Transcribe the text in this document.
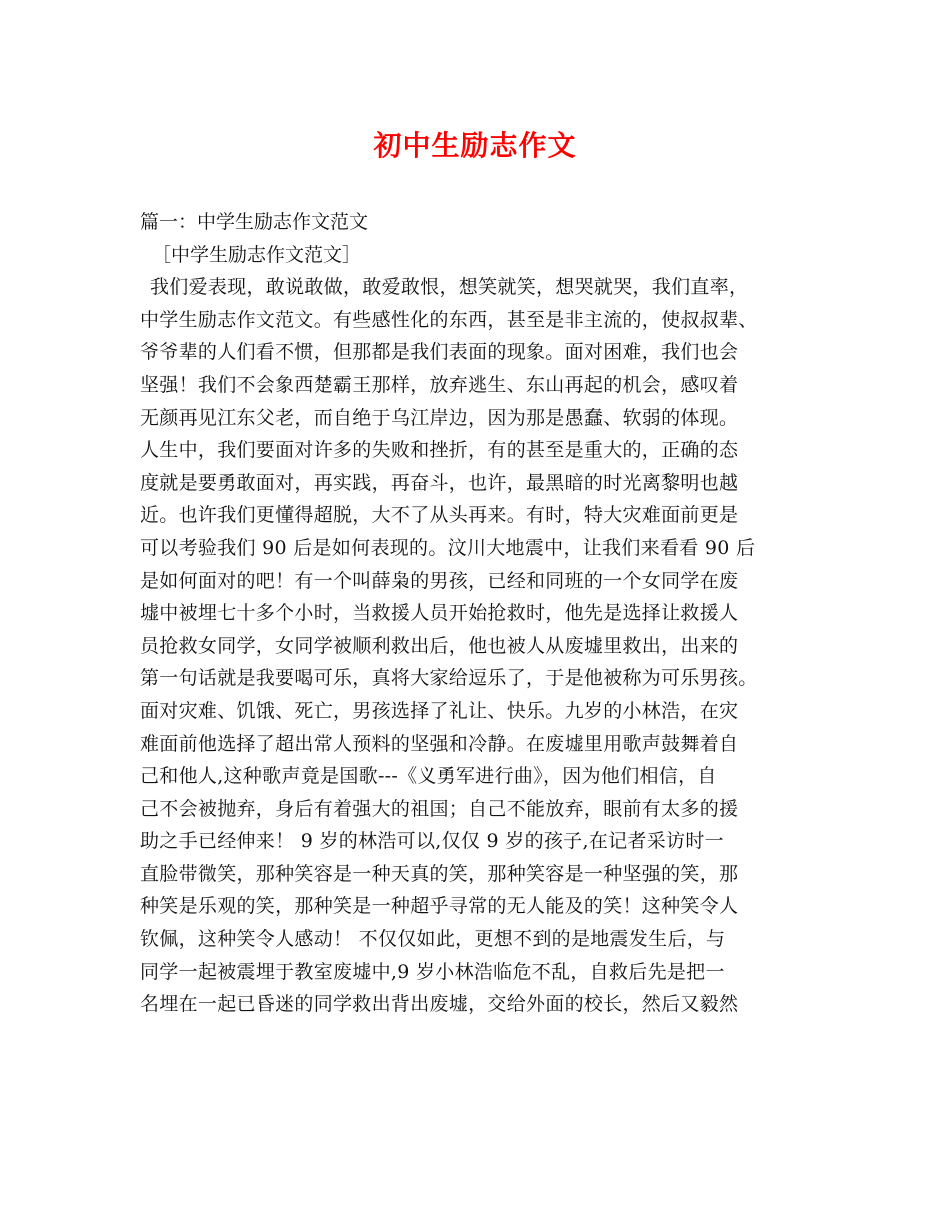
初中生励志作文
篇一：中学生励志作文范文
［中学生励志作文范文］
我们爱表现，敢说敢做，敢爱敢恨，想笑就笑，想哭就哭，我们直率，
中学生励志作文范文。有些感性化的东西，甚至是非主流的，使叔叔辈、
爷爷辈的人们看不惯，但那都是我们表面的现象。面对困难，我们也会
坚强！我们不会象西楚霸王那样，放弃逃生、东山再起的机会，感叹着
无颜再见江东父老，而自绝于乌江岸边，因为那是愚蠢、软弱的体现。
人生中，我们要面对许多的失败和挫折，有的甚至是重大的，正确的态
度就是要勇敢面对，再实践，再奋斗，也许，最黑暗的时光离黎明也越
近。也许我们更懂得超脱，大不了从头再来。有时，特大灾难面前更是
可以考验我们 90 后是如何表现的。汶川大地震中，让我们来看看 90 后
是如何面对的吧！有一个叫薛枭的男孩，已经和同班的一个女同学在废
墟中被埋七十多个小时，当救援人员开始抢救时，他先是选择让救援人
员抢救女同学，女同学被顺利救出后，他也被人从废墟里救出，出来的
第一句话就是我要喝可乐，真将大家给逗乐了，于是他被称为可乐男孩。
面对灾难、饥饿、死亡，男孩选择了礼让、快乐。九岁的小林浩，在灾
难面前他选择了超出常人预料的坚强和冷静。在废墟里用歌声鼓舞着自
己和他人,这种歌声竟是国歌---《义勇军进行曲》，因为他们相信，自
己不会被抛弃，身后有着强大的祖国；自己不能放弃，眼前有太多的援
助之手已经伸来！ 9 岁的林浩可以,仅仅 9 岁的孩子,在记者采访时一
直脸带微笑，那种笑容是一种天真的笑，那种笑容是一种坚强的笑，那
种笑是乐观的笑，那种笑是一种超乎寻常的无人能及的笑！这种笑令人
钦佩，这种笑令人感动！ 不仅仅如此，更想不到的是地震发生后，与
同学一起被震埋于教室废墟中,9 岁小林浩临危不乱，自救后先是把一
名埋在一起已昏迷的同学救出背出废墟，交给外面的校长，然后又毅然
